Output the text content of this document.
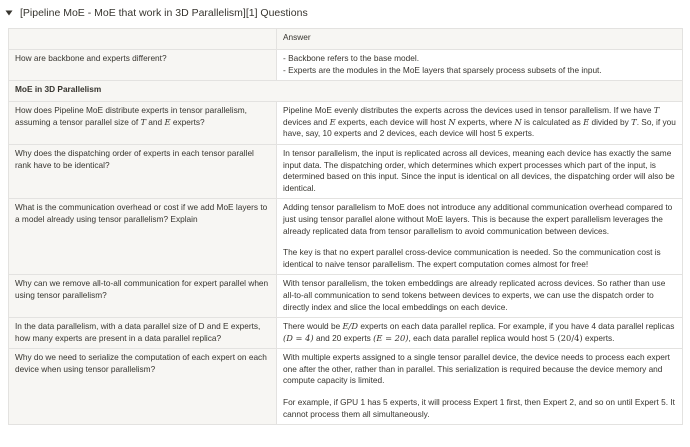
[Pipeline MoE - MoE that work in 3D Parallelism][1] Questions
	Answer
How are backbone and experts different?	- Backbone refers to the base model.
- Experts are the modules in the MoE layers that sparsely process subsets of the input.

MoE in 3D Parallelism	
How does Pipeline MoE distribute experts in tensor parallelism, assuming a tensor parallel size of T and E experts?	Pipeline MoE evenly distributes the experts across the devices used in tensor parallelism. If we have T devices and E experts, each device will host N experts, where N is calculated as E divided by T. So, if you have, say, 10 experts and 2 devices, each device will host 5 experts.
Why does the dispatching order of experts in each tensor parallel rank have to be identical?	In tensor parallelism, the input is replicated across all devices, meaning each device has exactly the same input data. The dispatching order, which determines which expert processes which part of the input, is determined based on this input. Since the input is identical on all devices, the dispatching order will also be identical.
What is the communication overhead or cost if we add MoE layers to a model already using tensor parallelism? Explain	Adding tensor parallelism to MoE does not introduce any additional communication overhead compared to just using tensor parallel alone without MoE layers. This is because the expert parallelism leverages the already replicated data from tensor parallelism to avoid communication between devices.
The key is that no expert parallel cross-device communication is needed. So the communication cost is identical to naive tensor parallelism. The expert computation comes almost for free!

Why can we remove all-to-all communication for expert parallel when using tensor parallelism?	With tensor parallelism, the token embeddings are already replicated across devices. So rather than use all-to-all communication to send tokens between devices to experts, we can use the dispatch order to directly index and slice the local embeddings on each device.
In the data parallelism, with a data parallel size of D and E experts, how many experts are present in a data parallel replica?	There would be E/D experts on each data parallel replica. For example, if you have 4 data parallel replicas (D = 4) and 20 experts (E = 20), each data parallel replica would host 5 (20/4) experts.
Why do we need to serialize the computation of each expert on each device when using tensor parallelism?	With multiple experts assigned to a single tensor parallel device, the device needs to process each expert one after the other, rather than in parallel. This serialization is required because the device memory and compute capacity is limited.
For example, if GPU 1 has 5 experts, it will process Expert 1 first, then Expert 2, and so on until Expert 5. It cannot process them all simultaneously.
